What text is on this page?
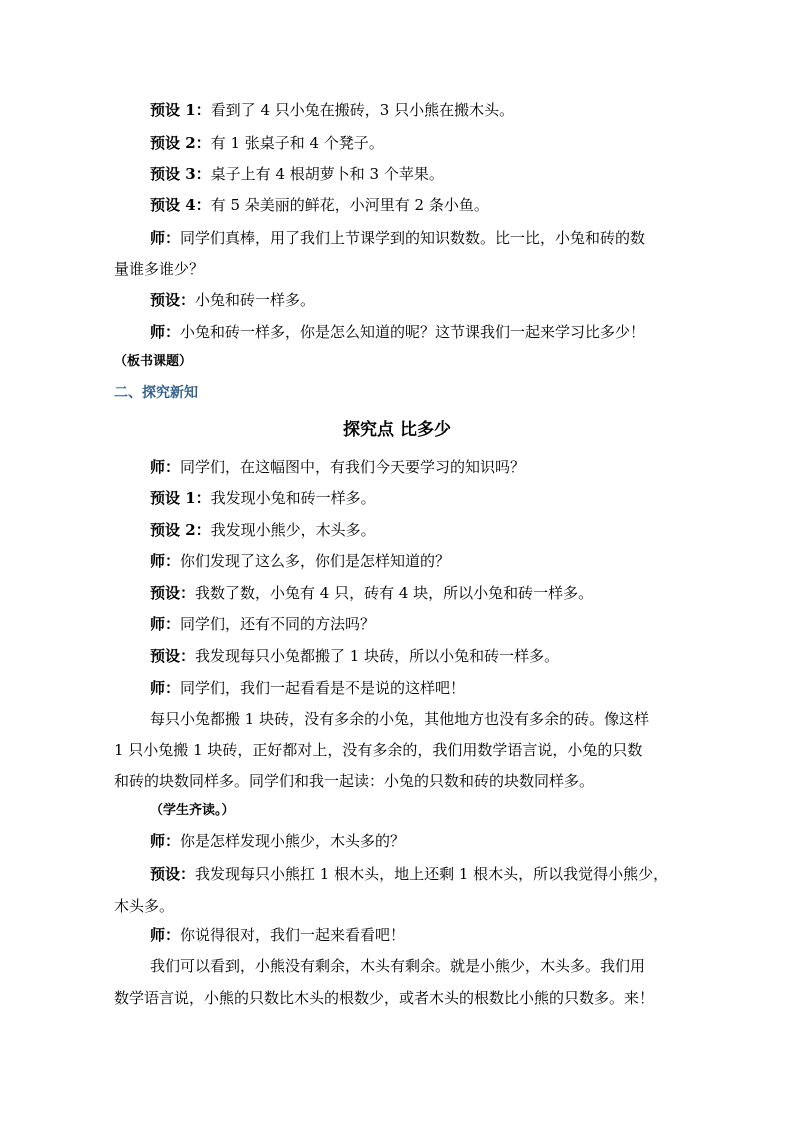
预设 1：看到了 4 只小兔在搬砖，3 只小熊在搬木头。
预设 2：有 1 张桌子和 4 个凳子。
预设 3：桌子上有 4 根胡萝卜和 3 个苹果。
预设 4：有 5 朵美丽的鲜花，小河里有 2 条小鱼。
师：同学们真棒，用了我们上节课学到的知识数数。比一比，小兔和砖的数
量谁多谁少？
预设：小兔和砖一样多。
师：小兔和砖一样多，你是怎么知道的呢？这节课我们一起来学习比多少！
（板书课题）
二、探究新知
探究点 比多少
师：同学们，在这幅图中，有我们今天要学习的知识吗？
预设 1：我发现小兔和砖一样多。
预设 2：我发现小熊少，木头多。
师：你们发现了这么多，你们是怎样知道的？
预设：我数了数，小兔有 4 只，砖有 4 块，所以小兔和砖一样多。
师：同学们，还有不同的方法吗？
预设：我发现每只小兔都搬了 1 块砖，所以小兔和砖一样多。
师：同学们，我们一起看看是不是说的这样吧！
每只小兔都搬 1 块砖，没有多余的小兔，其他地方也没有多余的砖。像这样
1 只小兔搬 1 块砖，正好都对上，没有多余的，我们用数学语言说，小兔的只数
和砖的块数同样多。同学们和我一起读：小兔的只数和砖的块数同样多。
（学生齐读。）
师：你是怎样发现小熊少，木头多的？
预设：我发现每只小熊扛 1 根木头，地上还剩 1 根木头，所以我觉得小熊少，
木头多。
师：你说得很对，我们一起来看看吧！
我们可以看到，小熊没有剩余，木头有剩余。就是小熊少，木头多。我们用
数学语言说，小熊的只数比木头的根数少，或者木头的根数比小熊的只数多。来！
